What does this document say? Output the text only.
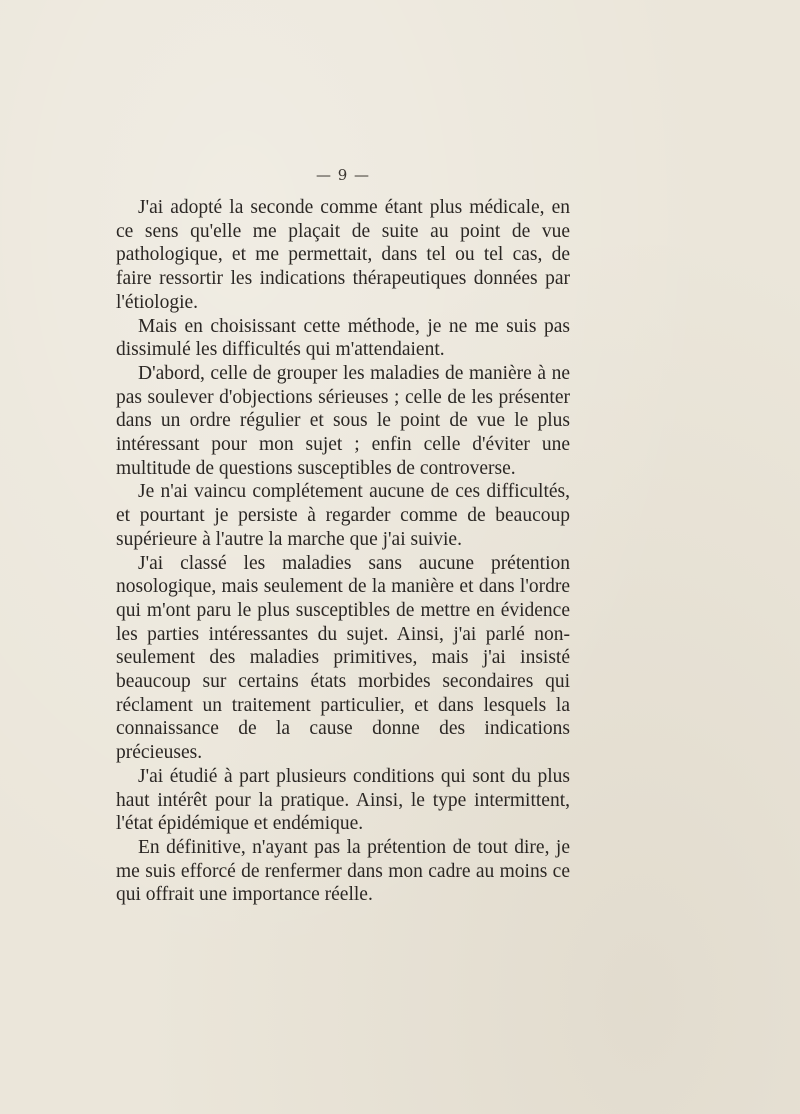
— 9 —

J'ai adopté la seconde comme étant plus médicale, en ce sens qu'elle me plaçait de suite au point de vue pathologique, et me permettait, dans tel ou tel cas, de faire ressortir les indications thérapeutiques données par l'étiologie.

Mais en choisissant cette méthode, je ne me suis pas dissimulé les difficultés qui m'attendaient.

D'abord, celle de grouper les maladies de manière à ne pas soulever d'objections sérieuses ; celle de les présenter dans un ordre régulier et sous le point de vue le plus intéressant pour mon sujet ; enfin celle d'éviter une multitude de questions susceptibles de controverse.

Je n'ai vaincu complétement aucune de ces difficultés, et pourtant je persiste à regarder comme de beaucoup supérieure à l'autre la marche que j'ai suivie.

J'ai classé les maladies sans aucune prétention nosologique, mais seulement de la manière et dans l'ordre qui m'ont paru le plus susceptibles de mettre en évidence les parties intéressantes du sujet. Ainsi, j'ai parlé non-seulement des maladies primitives, mais j'ai insisté beaucoup sur certains états morbides secondaires qui réclament un traitement particulier, et dans lesquels la connaissance de la cause donne des indications précieuses.

J'ai étudié à part plusieurs conditions qui sont du plus haut intérêt pour la pratique. Ainsi, le type intermittent, l'état épidémique et endémique.

En définitive, n'ayant pas la prétention de tout dire, je me suis efforcé de renfermer dans mon cadre au moins ce qui offrait une importance réelle.
